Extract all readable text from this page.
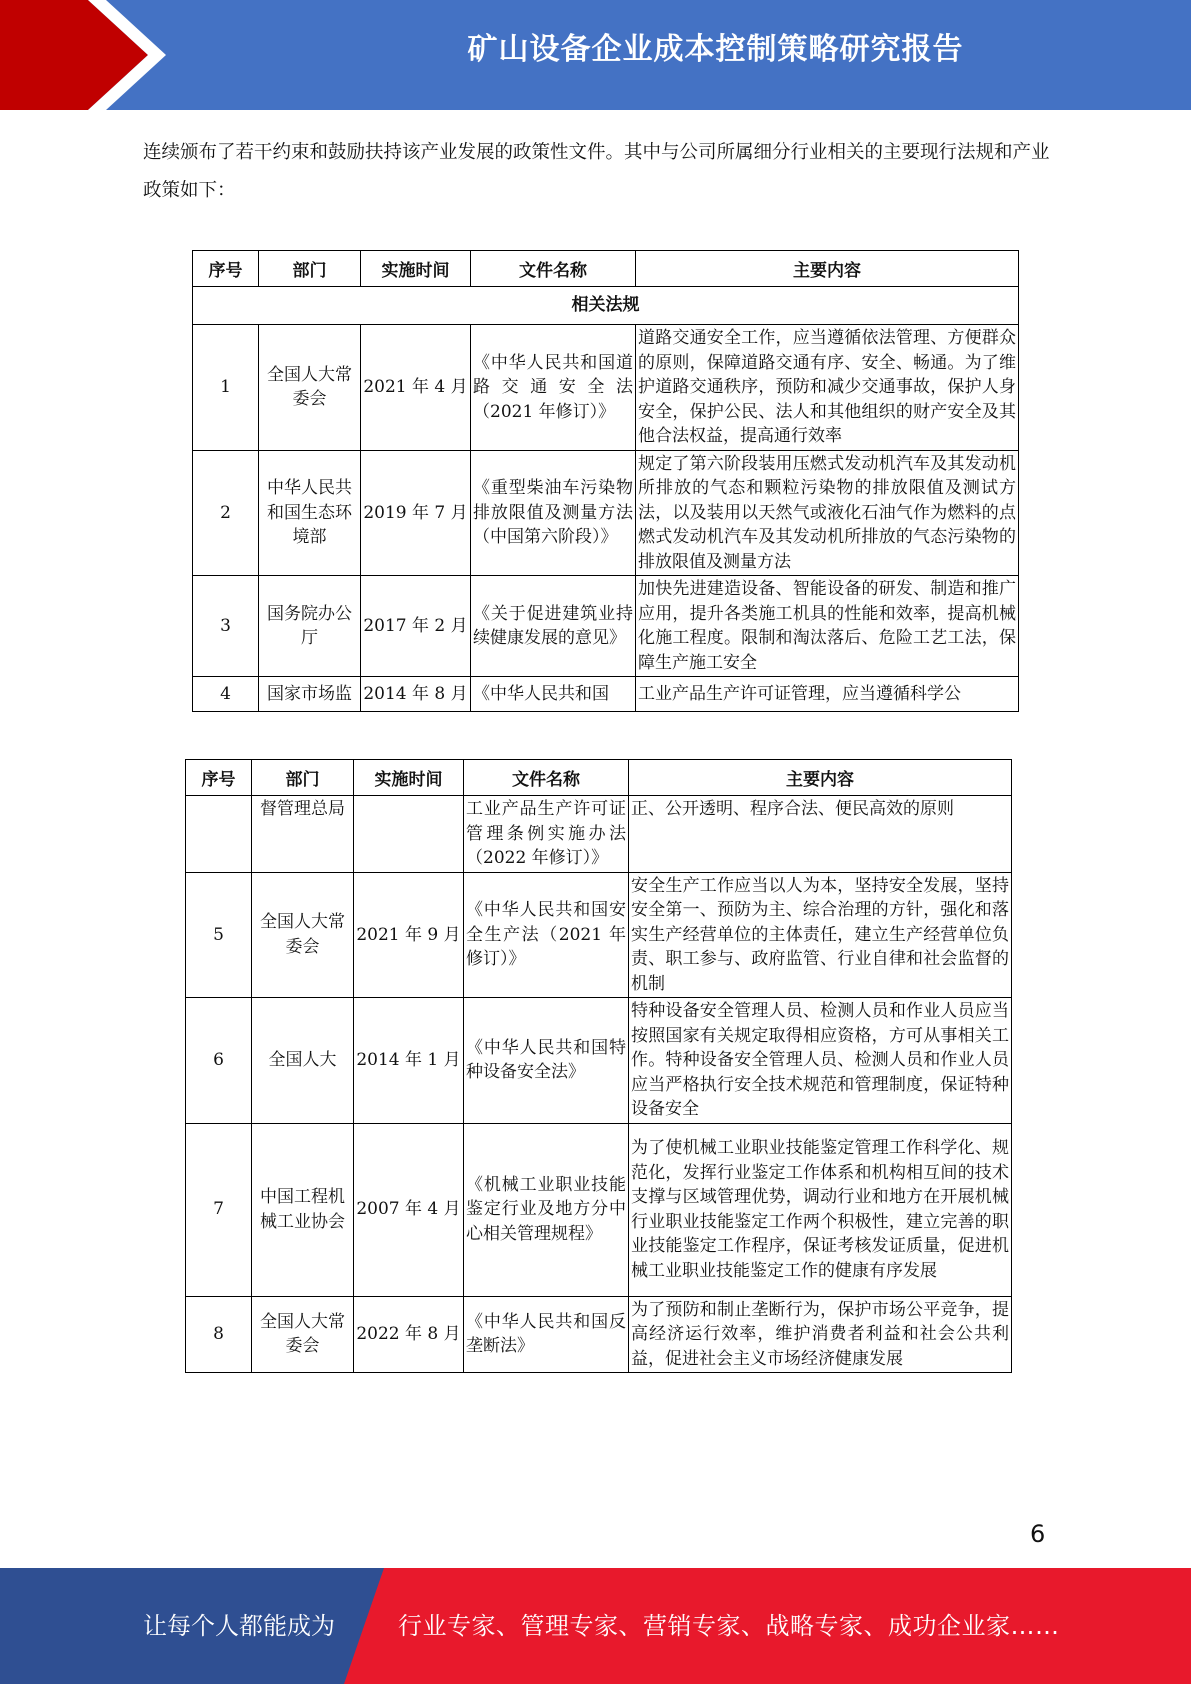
矿山设备企业成本控制策略研究报告

连续颁布了若干约束和鼓励扶持该产业发展的政策性文件。其中与公司所属细分行业相关的主要现行法规和产业政策如下：

序号	部门	实施时间	文件名称	主要内容
相关法规				
1	全国人大常委会	2021 年 4 月	《中华人民共和国道路交通安全法（2021 年修订）》	道路交通安全工作，应当遵循依法管理、方便群众的原则，保障道路交通有序、安全、畅通。为了维护道路交通秩序，预防和减少交通事故，保护人身安全，保护公民、法人和其他组织的财产安全及其他合法权益，提高通行效率
2	中华人民共和国生态环境部	2019 年 7 月	《重型柴油车污染物排放限值及测量方法（中国第六阶段）》	规定了第六阶段装用压燃式发动机汽车及其发动机所排放的气态和颗粒污染物的排放限值及测试方法，以及装用以天然气或液化石油气作为燃料的点燃式发动机汽车及其发动机所排放的气态污染物的排放限值及测量方法
3	国务院办公厅	2017 年 2 月	《关于促进建筑业持续健康发展的意见》	加快先进建造设备、智能设备的研发、制造和推广应用，提升各类施工机具的性能和效率，提高机械化施工程度。限制和淘汰落后、危险工艺工法，保障生产施工安全
4	国家市场监	2014 年 8 月	《中华人民共和国	工业产品生产许可证管理，应当遵循科学公
序号	部门	实施时间	文件名称	主要内容
	督管理总局		工业产品生产许可证管理条例实施办法（2022 年修订）》	正、公开透明、程序合法、便民高效的原则
5	全国人大常委会	2021 年 9 月	《中华人民共和国安全生产法（2021 年修订）》	安全生产工作应当以人为本，坚持安全发展，坚持安全第一、预防为主、综合治理的方针，强化和落实生产经营单位的主体责任，建立生产经营单位负责、职工参与、政府监管、行业自律和社会监督的机制
6	全国人大	2014 年 1 月	《中华人民共和国特种设备安全法》	特种设备安全管理人员、检测人员和作业人员应当按照国家有关规定取得相应资格，方可从事相关工作。特种设备安全管理人员、检测人员和作业人员应当严格执行安全技术规范和管理制度，保证特种设备安全
7	中国工程机械工业协会	2007 年 4 月	《机械工业职业技能鉴定行业及地方分中心相关管理规程》	为了使机械工业职业技能鉴定管理工作科学化、规范化，发挥行业鉴定工作体系和机构相互间的技术支撑与区域管理优势，调动行业和地方在开展机械行业职业技能鉴定工作两个积极性，建立完善的职业技能鉴定工作程序，保证考核发证质量，促进机械工业职业技能鉴定工作的健康有序发展
8	全国人大常委会	2022 年 8 月	《中华人民共和国反垄断法》	为了预防和制止垄断行为，保护市场公平竞争，提高经济运行效率，维护消费者利益和社会公共利益，促进社会主义市场经济健康发展
6
让每个人都能成为	行业专家、管理专家、营销专家、战略专家、成功企业家……
